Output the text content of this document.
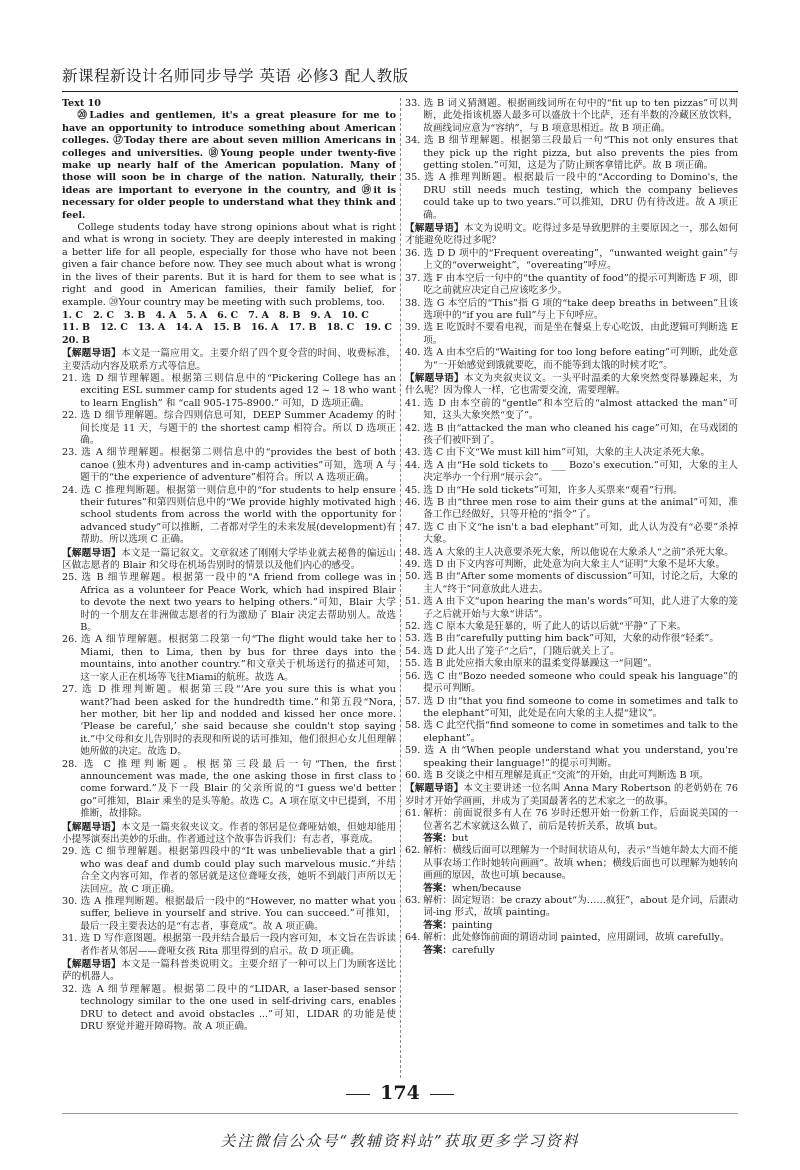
新课程新设计名师同步导学 英语 必修3 配人教版

Text 10

⑳Ladies and gentlemen, it's a great pleasure for me to have an opportunity to introduce something about American colleges. ⑰Today there are about seven million Americans in colleges and universities. ⑱Young people under twenty-five make up nearly half of the American population. Many of those will soon be in charge of the nation. Naturally, their ideas are important to everyone in the country, and ⑲it is necessary for older people to understand what they think and feel.

College students today have strong opinions about what is right and what is wrong in society. They are deeply interested in making a better life for all people, especially for those who have not been given a fair chance before now. They see much about what is wrong in the lives of their parents. But it is hard for them to see what is right and good in American families, their family belief, for example. ⑳Your country may be meeting with such problems, too.

1. C   2. C   3. B   4. A   5. A   6. C   7. A   8. B   9. A   10. C
11. B   12. C   13. A   14. A   15. B   16. A   17. B   18. C   19. C
20. B

【解题导语】本文是一篇应用文。主要介绍了四个夏令营的时间、收费标准，主要活动内容及联系方式等信息。

21. 选 D 细节理解题。根据第三则信息中的“Pickering College has an exciting ESL summer camp for students aged 12 ~ 18 who want to learn English” 和 “call 905-175-8900.” 可知，D 选项正确。

22. 选 D 细节理解题。综合四则信息可知，DEEP Summer Academy 的时间长度是 11 天，与题干的 the shortest camp 相符合。所以 D 选项正确。

23. 选 A 细节理解题。根据第二则信息中的“provides the best of both canoe (独木舟) adventures and in-camp activities”可知，选项 A 与题干的“the experience of adventure”相符合。所以 A 选项正确。

24. 选 C 推理判断题。根据第一则信息中的“for students to help ensure their futures”和第四则信息中的“We provide highly motivated high school students from across the world with the opportunity for advanced study”可以推断，二者都对学生的未来发展(development)有帮助。所以选项 C 正确。

【解题导语】本文是一篇记叙文。文章叙述了刚刚大学毕业就去秘鲁的偏远山区做志愿者的 Blair 和父母在机场告别时的情景以及他们内心的感受。

25. 选 B 细节理解题。根据第一段中的“A friend from college was in Africa as a volunteer for Peace Work, which had inspired Blair to devote the next two years to helping others.”可知，Blair 大学时的一个朋友在非洲做志愿者的行为激励了 Blair 决定去帮助别人。故选 B。

26. 选 A 细节理解题。根据第二段第一句“The flight would take her to Miami, then to Lima, then by bus for three days into the mountains, into another country.”和文章关于机场送行的描述可知，这一家人正在机场等飞往Miami的航班。故选 A。

27. 选 D 推理判断题。根据第三段“‘Are you sure this is what you want?’had been asked for the hundredth time.”和第五段“Nora, her mother, bit her lip and nodded and kissed her once more. ‘Please be careful,’ she said because she couldn't stop saying it.”中父母和女儿告别时的表现和所说的话可推知，他们很担心女儿但理解她所做的决定。故选 D。

28. 选 C 推理判断题。根据第三段最后一句“Then, the first announcement was made, the one asking those in first class to come forward.”及下一段 Blair 的父亲所说的“I guess we'd better go”可推知，Blair 乘坐的是头等舱。故选 C。A 项在原文中已提到，不用推断，故排除。

【解题导语】本文是一篇夹叙夹议文。作者的邻居是位聋哑姑娘，但她却能用小提琴演奏出美妙的乐曲。作者通过这个故事告诉我们：有志者，事竟成。

29. 选 C 细节理解题。根据第四段中的“It was unbelievable that a girl who was deaf and dumb could play such marvelous music.”并结合全文内容可知，作者的邻居就是这位聋哑女孩，她听不到敲门声所以无法回应。故 C 项正确。

30. 选 A 推理判断题。根据最后一段中的“However, no matter what you suffer, believe in yourself and strive. You can succeed.”可推知，最后一段主要表达的是“有志者，事竟成”。故 A 项正确。

31. 选 D 写作意图题。根据第一段并结合最后一段内容可知，本文旨在告诉读者作者从邻居——聋哑女孩 Rita 那里得到的启示。故 D 项正确。

【解题导语】本文是一篇科普类说明文。主要介绍了一种可以上门为顾客送比萨的机器人。

32. 选 A 细节理解题。根据第二段中的“LIDAR, a laser-based sensor technology similar to the one used in self-driving cars, enables DRU to detect and avoid obstacles ...”可知，LIDAR 的功能是使 DRU 察觉并避开障碍物。故 A 项正确。

33. 选 B 词义猜测题。根据画线词所在句中的“fit up to ten pizzas”可以判断，此处指该机器人最多可以盛放十个比萨，还有半数的冷藏区放饮料，故画线词应意为“容纳”，与 B 项意思相近。故 B 项正确。

34. 选 B 细节理解题。根据第三段最后一句“This not only ensures that they pick up the right pizza, but also prevents the pies from getting stolen.”可知，这是为了防止顾客拿错比萨。故 B 项正确。

35. 选 A 推理判断题。根据最后一段中的“According to Domino's, the DRU still needs much testing, which the company believes could take up to two years.”可以推知，DRU 仍有待改进。故 A 项正确。

【解题导语】本文为说明文。吃得过多是导致肥胖的主要原因之一，那么如何才能避免吃得过多呢？

36. 选 D D 项中的“Frequent overeating”，“unwanted weight gain”与上文的“overweight”，“overeating”呼应。

37. 选 F 由本空后一句中的“the quantity of food”的提示可判断选 F 项，即吃之前就应决定自己应该吃多少。

38. 选 G 本空后的“This”指 G 项的“take deep breaths in between”且该选项中的“if you are full”与上下句呼应。

39. 选 E 吃饭时不要看电视，而是坐在餐桌上专心吃饭，由此逻辑可判断选 E 项。

40. 选 A 由本空后的“Waiting for too long before eating”可判断，此处意为“一开始感觉到饿就要吃，而不能等到太饿的时候才吃”。

【解题导语】本文为夹叙夹议文。一头平时温柔的大象突然变得暴躁起来，为什么呢？因为像人一样，它也需要交流，需要理解。

41. 选 D 由本空前的“gentle”和本空后的“almost attacked the man”可知，这头大象突然“变了”。

42. 选 B 由“attacked the man who cleaned his cage”可知，在马戏团的孩子们被吓到了。

43. 选 C 由下文“We must kill him”可知，大象的主人决定杀死大象。

44. 选 A 由“He sold tickets to ___ Bozo's execution.”可知，大象的主人决定举办一个行刑“展示会”。

45. 选 D 由“He sold tickets”可知，许多人买票来“观看”行刑。

46. 选 B 由“three men rose to aim their guns at the animal”可知，准备工作已经做好，只等开枪的“指令”了。

47. 选 C 由下文“he isn't a bad elephant”可知，此人认为没有“必要”杀掉大象。

48. 选 A 大象的主人决意要杀死大象，所以他说在大象杀人“之前”杀死大象。

49. 选 D 由下文内容可判断，此处意为向大象主人“证明”大象不是坏大象。

50. 选 B 由“After some moments of discussion”可知，讨论之后，大象的主人“终于”同意放此人进去。

51. 选 A 由下文“upon hearing the man's words”可知，此人进了大象的笼子之后就开始与大象“讲话”。

52. 选 C 原本大象是狂暴的，听了此人的话以后就“平静”了下来。

53. 选 B 由“carefully putting him back”可知，大象的动作很“轻柔”。

54. 选 D 此人出了笼子“之后”，门随后就关上了。

55. 选 B 此处应指大象由原来的温柔变得暴躁这一“问题”。

56. 选 C 由“Bozo needed someone who could speak his language”的提示可判断。

57. 选 D 由“that you find someone to come in sometimes and talk to the elephant”可知，此处是在向大象的主人提“建议”。

58. 选 C 此空代指“find someone to come in sometimes and talk to the elephant”。

59. 选 A 由“When people understand what you understand, you're speaking their language!”的提示可判断。

60. 选 B 交谈之中相互理解是真正“交流”的开始，由此可判断选 B 项。

【解题导语】本文主要讲述一位名叫 Anna Mary Robertson 的老奶奶在 76 岁时才开始学画画，并成为了美国最著名的艺术家之一的故事。

61. 解析：前面说很多有人在 76 岁时还想开始一份新工作，后面说美国的一位著名艺术家就这么做了，前后是转折关系，故填 but。

答案：but

62. 解析：横线后面可以理解为一个时间状语从句，表示“当她年龄太大而不能从事农场工作时她转向画画”。故填 when；横线后面也可以理解为她转向画画的原因，故也可填 because。

答案：when/because

63. 解析：固定短语：be crazy about“为……疯狂”，about 是介词，后跟动词-ing 形式，故填 painting。

答案：painting

64. 解析：此处修饰前面的谓语动词 painted，应用副词，故填 carefully。

答案：carefully

174
关注微信公众号“教辅资料站”获取更多学习资料
